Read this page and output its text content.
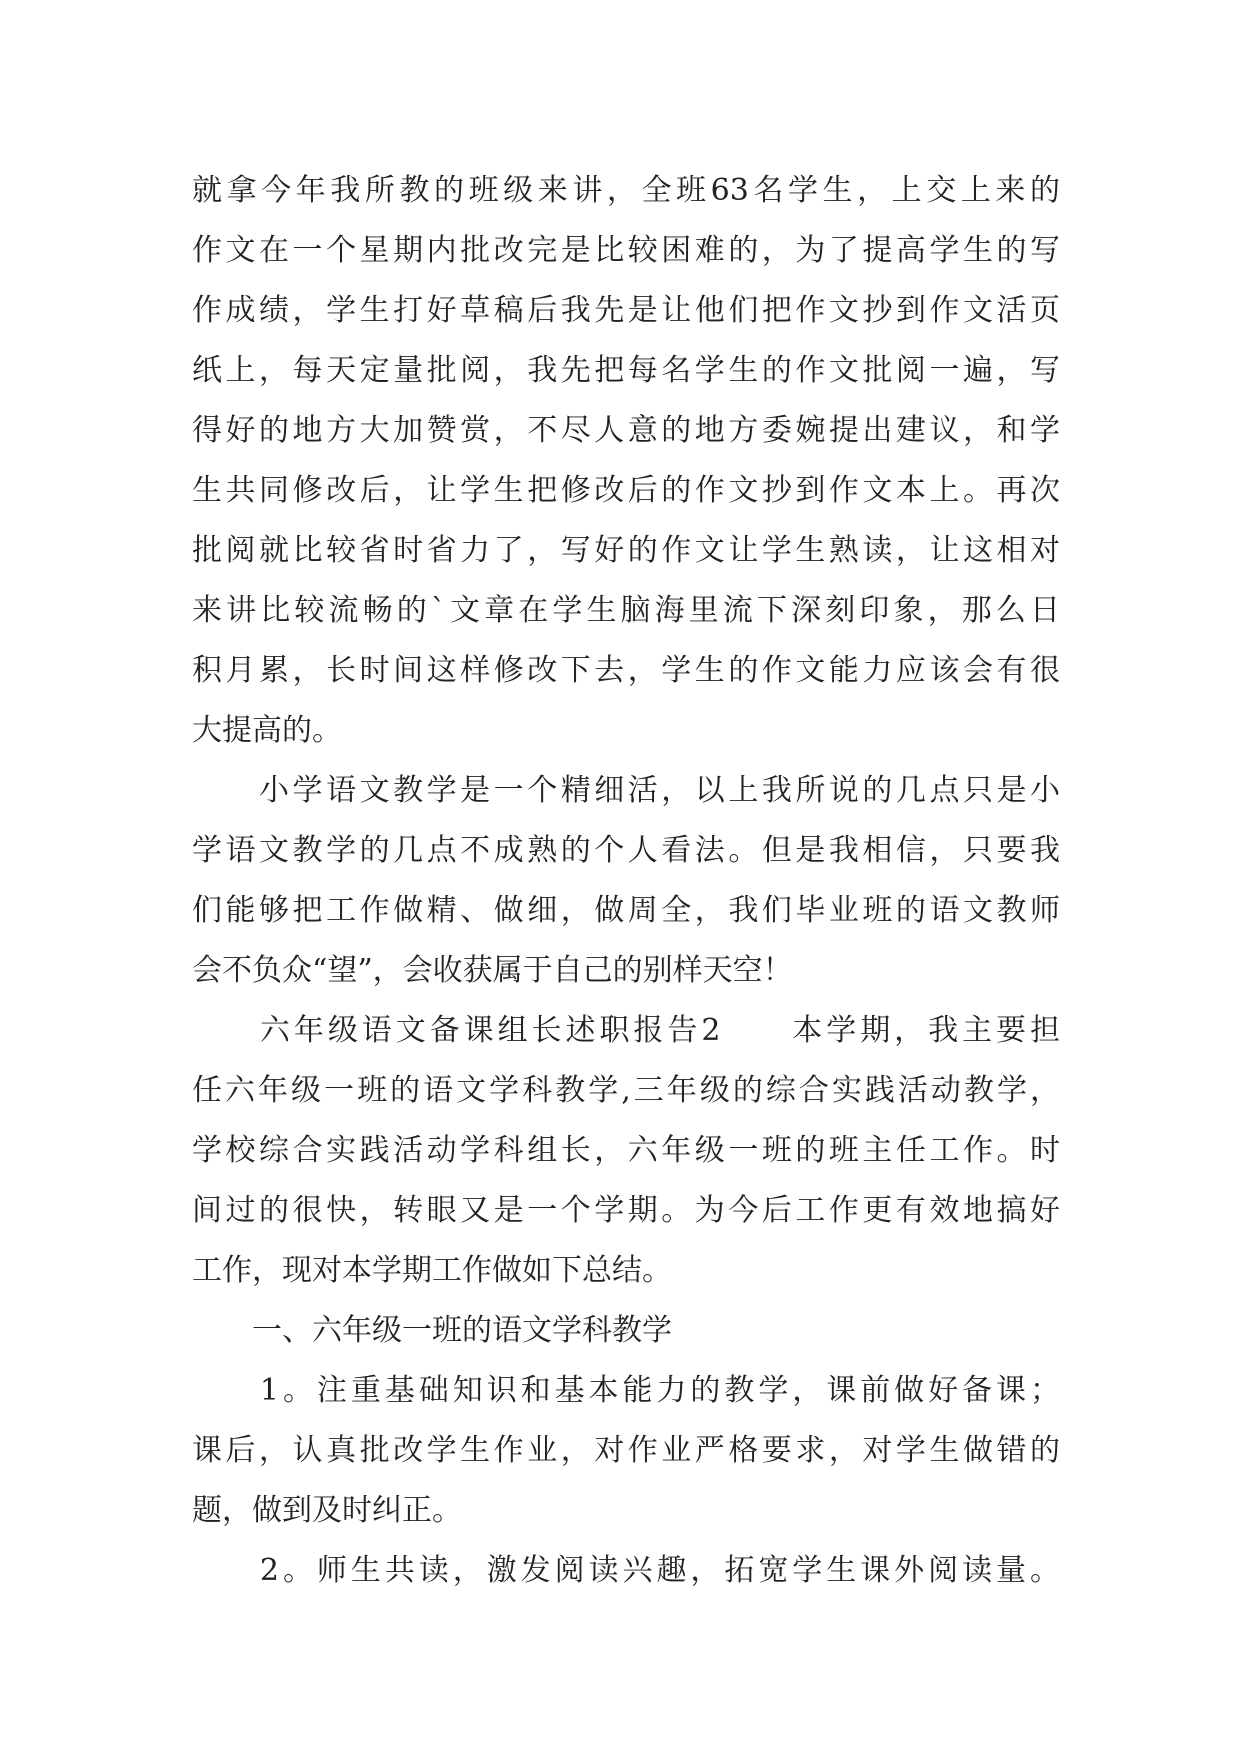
就拿今年我所教的班级来讲，全班63名学生，上交上来的
作文在一个星期内批改完是比较困难的，为了提高学生的写
作成绩，学生打好草稿后我先是让他们把作文抄到作文活页
纸上，每天定量批阅，我先把每名学生的作文批阅一遍，写
得好的地方大加赞赏，不尽人意的地方委婉提出建议，和学
生共同修改后，让学生把修改后的作文抄到作文本上。再次
批阅就比较省时省力了，写好的作文让学生熟读，让这相对
来讲比较流畅的`文章在学生脑海里流下深刻印象，那么日
积月累，长时间这样修改下去，学生的作文能力应该会有很
大提高的。
　　小学语文教学是一个精细活，以上我所说的几点只是小
学语文教学的几点不成熟的个人看法。但是我相信，只要我
们能够把工作做精、做细，做周全，我们毕业班的语文教师
会不负众“望”，会收获属于自己的别样天空！
　　六年级语文备课组长述职报告2　　本学期，我主要担
任六年级一班的语文学科教学,三年级的综合实践活动教学，
学校综合实践活动学科组长，六年级一班的班主任工作。时
间过的很快，转眼又是一个学期。为今后工作更有效地搞好
工作，现对本学期工作做如下总结。
　　一、六年级一班的语文学科教学
　　1。注重基础知识和基本能力的教学，课前做好备课；
课后，认真批改学生作业，对作业严格要求，对学生做错的
题，做到及时纠正。
　　2。师生共读，激发阅读兴趣，拓宽学生课外阅读量。
